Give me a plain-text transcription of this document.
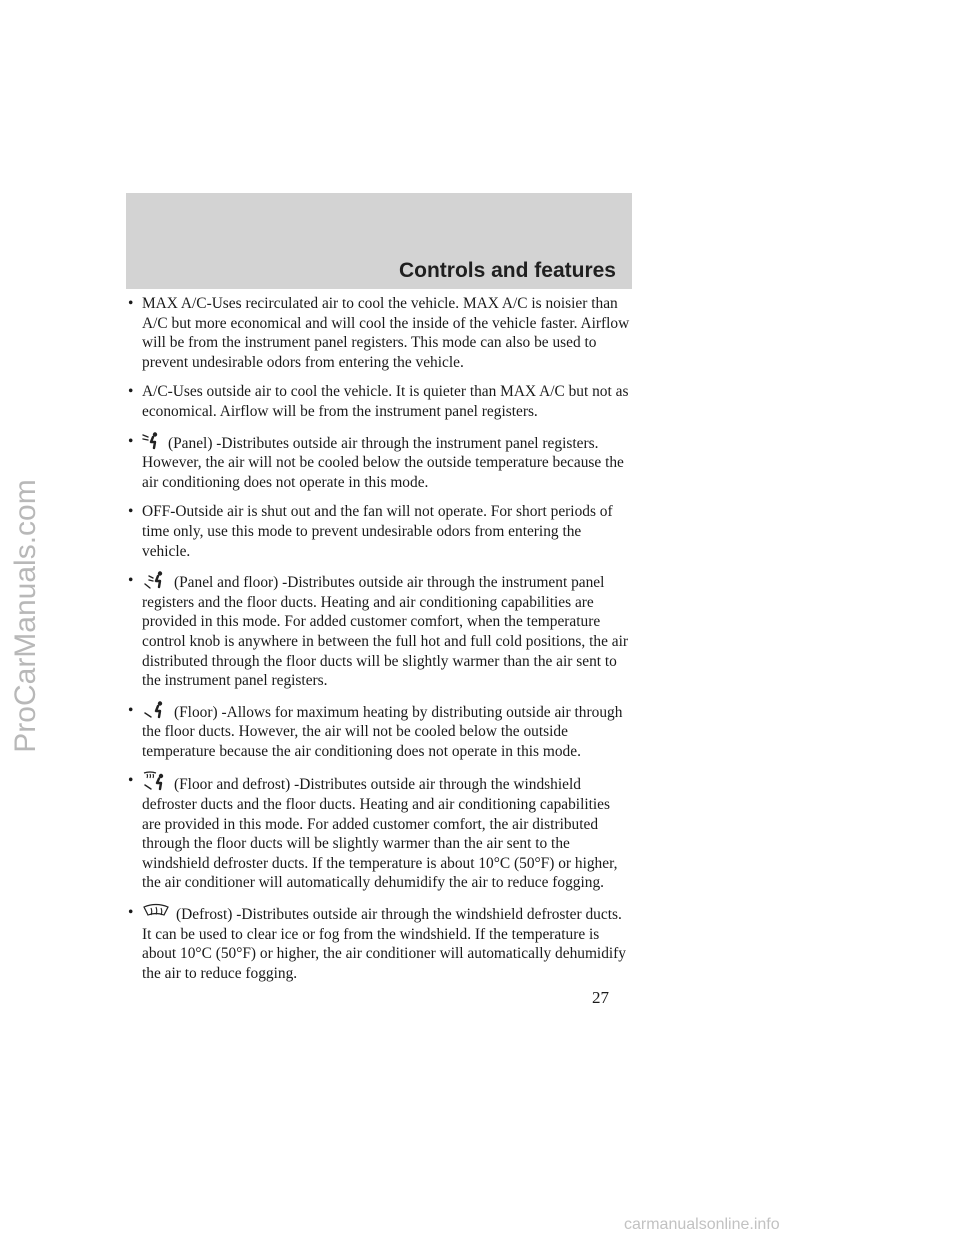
Controls and features
• MAX A/C-Uses recirculated air to cool the vehicle. MAX A/C is noisier than A/C but more economical and will cool the inside of the vehicle faster. Airflow will be from the instrument panel registers. This mode can also be used to prevent undesirable odors from entering the vehicle.
• A/C-Uses outside air to cool the vehicle. It is quieter than MAX A/C but not as economical. Airflow will be from the instrument panel registers.
• (Panel) -Distributes outside air through the instrument panel registers. However, the air will not be cooled below the outside temperature because the air conditioning does not operate in this mode.
• OFF-Outside air is shut out and the fan will not operate. For short periods of time only, use this mode to prevent undesirable odors from entering the vehicle.
•	(Panel and floor) -Distributes outside air through the instrument panel registers and the floor ducts. Heating and air conditioning capabilities are provided in this mode. For added customer comfort, when the temperature control knob is anywhere in between the full hot and full cold positions, the air distributed through the floor ducts will be slightly warmer than the air sent to the instrument panel registers.
•	(Floor) -Allows for maximum heating by distributing outside air through the floor ducts. However, the air will not be cooled below the outside temperature because the air conditioning does not operate in this mode.
•	(Floor and defrost) -Distributes outside air through the windshield defroster ducts and the floor ducts. Heating and air conditioning capabilities are provided in this mode. For added customer comfort, the air distributed through the floor ducts will be slightly warmer than the air sent to the windshield defroster ducts. If the temperature is about 10°C (50°F) or higher, the air conditioner will automatically dehumidify the air to reduce fogging.
•	(Defrost) -Distributes outside air through the windshield defroster ducts. It can be used to clear ice or fog from the windshield. If the temperature is about 10°C (50°F) or higher, the air conditioner will automatically dehumidify the air to reduce fogging.
27
ProCarManuals.com
carmanualsonline.info
